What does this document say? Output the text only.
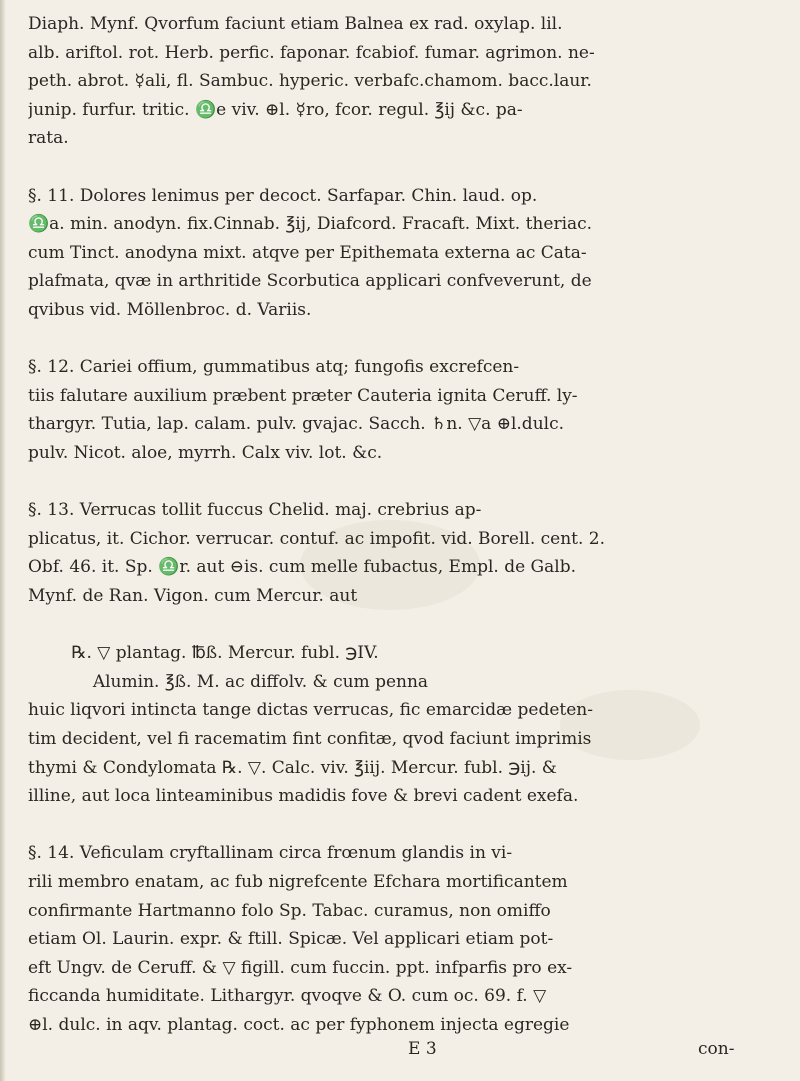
Diaph. Mynf. Qvorfum faciunt etiam Balnea ex rad. oxylap. lil.
alb. ariftol. rot. Herb. perfic. faponar. fcabiof. fumar. agrimon. ne-
peth. abrot. ☿ali, fl. Sambuc. hyperic. verbafc.chamom. bacc.laur.
junip. furfur. tritic. ♎e viv. ⊕l. ☿ro, fcor. regul. ℥ij &c. pa-
rata.
§. 11. Dolores lenimus per decoct. Sarfapar. Chin. laud. op.
♎a. min. anodyn. fix.Cinnab. ℥ij, Diafcord. Fracaft. Mixt. theriac.
cum Tinct. anodyna mixt. atqve per Epithemata externa ac Cata-
plafmata, qvæ in arthritide Scorbutica applicari confveverunt, de
qvibus vid. Möllenbroc. d. Variis.
§. 12. Cariei offium, gummatibus atq; fungofis excrefcen-
tiis falutare auxilium præbent præter Cauteria ignita Ceruff. ly-
thargyr. Tutia, lap. calam. pulv. gvajac. Sacch. ♄n. ▽a ⊕l.dulc.
pulv. Nicot. aloe, myrrh. Calx viv. lot. &c.
§. 13. Verrucas tollit fuccus Chelid. maj. crebrius ap-
plicatus, it. Cichor. verrucar. contuf. ac impofit. vid. Borell. cent. 2.
Obf. 46. it. Sp. ♎r. aut ⊖is. cum melle fubactus, Empl. de Galb.
Mynf. de Ran. Vigon. cum Mercur. aut
℞. ▽ plantag. ℔ß. Mercur. fubl. ℈IV.
Alumin. ℥ß. M. ac diffolv. & cum penna
huic liqvori intincta tange dictas verrucas, fic emarcidæ pedeten-
tim decident, vel fi racematim fint confitæ, qvod faciunt imprimis
thymi & Condylomata ℞. ▽. Calc. viv. ℥iij. Mercur. fubl. ℈ij. &
illine, aut loca linteaminibus madidis fove & brevi cadent exefa.
§. 14. Veficulam cryftallinam circa frœnum glandis in vi-
rili membro enatam, ac fub nigrefcente Efchara mortificantem
confirmante Hartmanno folo Sp. Tabac. curamus, non omiffo
etiam Ol. Laurin. expr. & ftill. Spicæ. Vel applicari etiam pot-
eft Ungv. de Ceruff. & ▽ figill. cum fuccin. ppt. infparfis pro ex-
ficcanda humiditate. Lithargyr. qvoqve & O. cum oc. 69. f. ▽
⊕l. dulc. in aqv. plantag. coct. ac per fyphonem injecta egregie
E 3	con-
